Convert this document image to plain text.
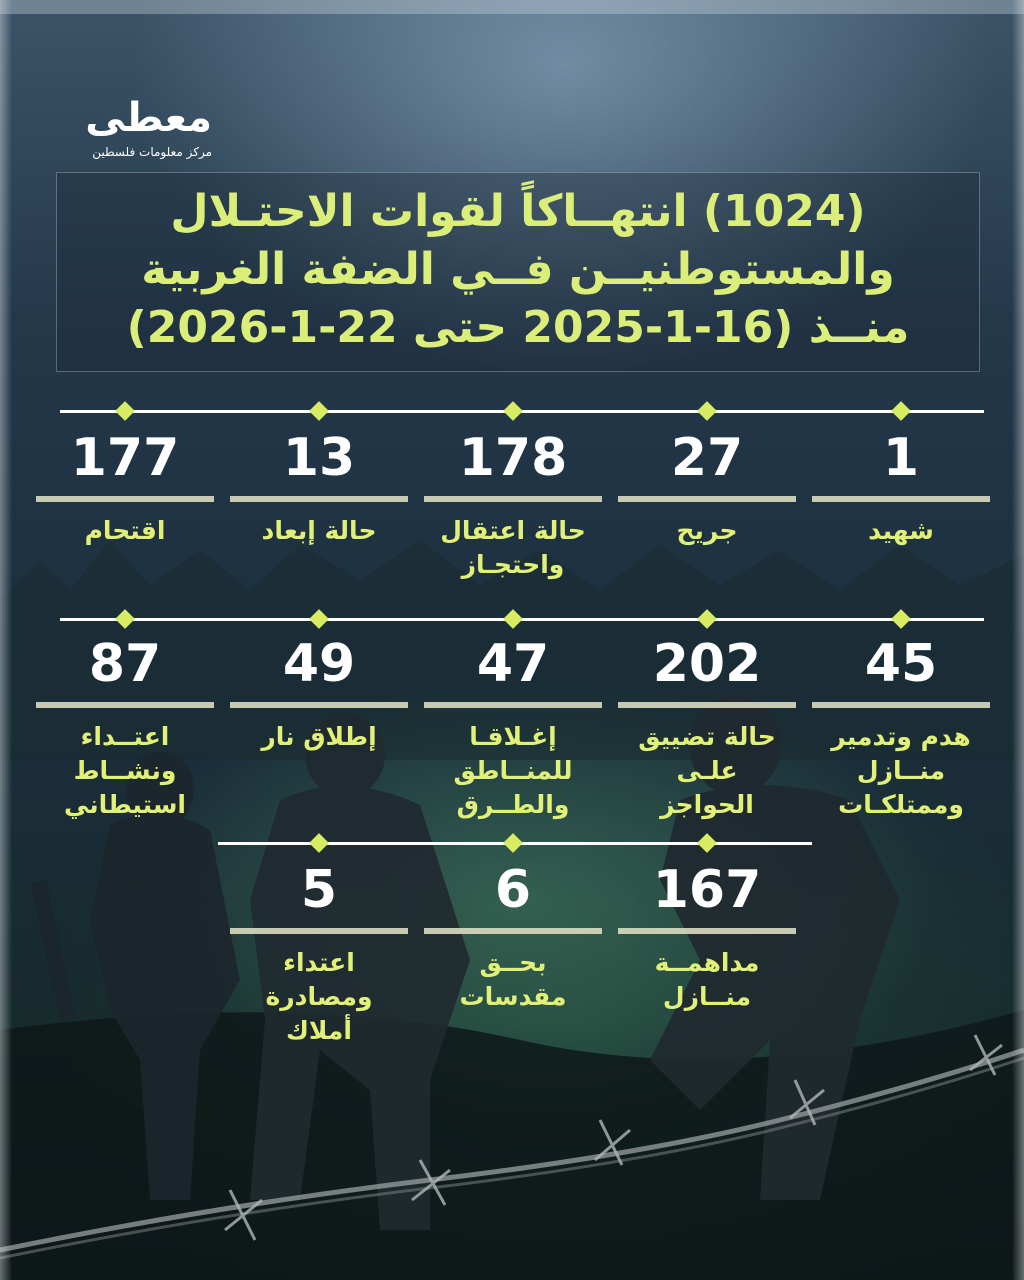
معطى
مركز معلومات فلسطين
(1024) انتهــاكاً لقوات الاحتـلال
والمستوطنيــن فــي الضفة الغربية
منــذ (16-1-2025 حتى 22-1-2026)
177
اقتحام
13
حالة إبعاد
178
حالة اعتقال
واحتجـاز
27
جريح
1
شهيد
87
اعتــداء
ونشــاط
استيطاني
49
إطلاق نار
47
إغـلاقـا
للمنــاطق
والطــرق
202
حالة تضييق
علـى الحواجز
45
هدم وتدمير
منــازل
وممتلكـات
5
اعتداء
ومصادرة
أملاك
6
بحــق
مقدسات
167
مداهمــة
منــازل
